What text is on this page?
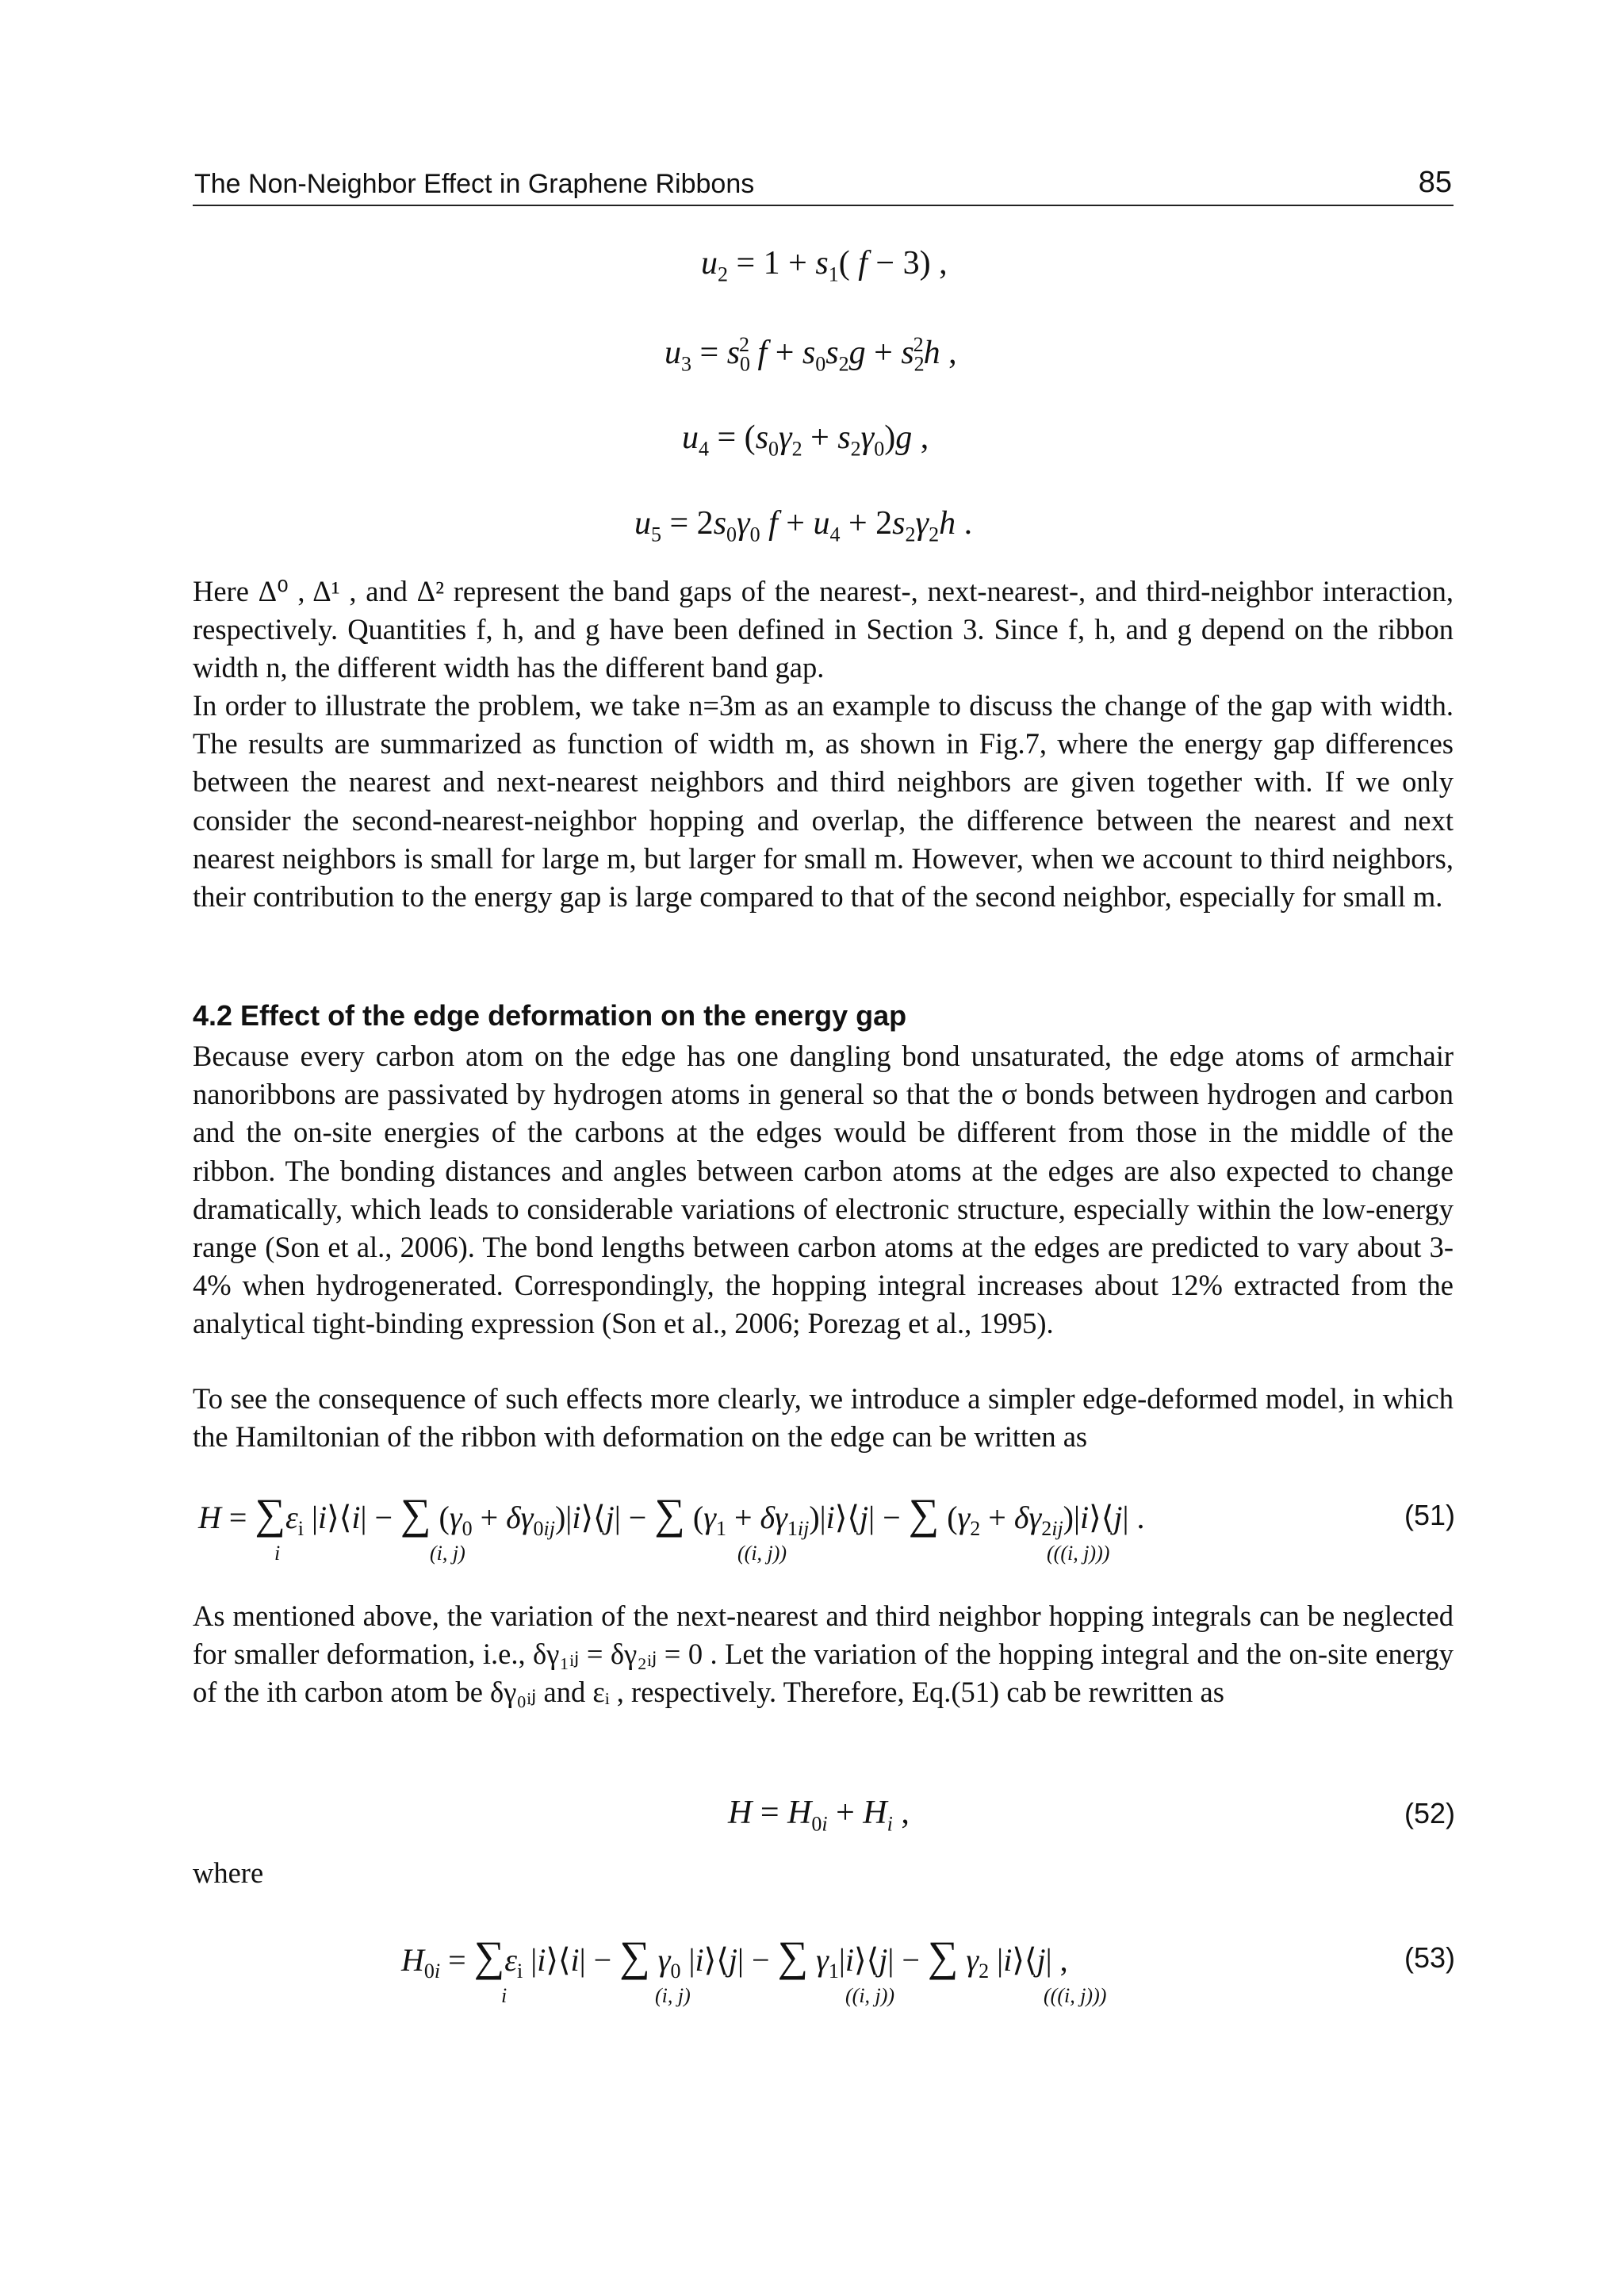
The Non-Neighbor Effect in Graphene Ribbons	85
$u_2 = 1 + s_1$( f − 3) ,
$u_3 = s_0^2$ $f + s_0s_2g + s_2^2h$ ,
$u_4 = (s_0\gamma_2 + s_2\gamma_0)g$ ,
$u_5 = 2s_0\gamma_0$ $f + u_4 + 2s_2\gamma_2h$ .

Here Δ⁰ , Δ¹ , and Δ² represent the band gaps of the nearest-, next-nearest-, and third-neighbor interaction, respectively. Quantities f, h, and g have been defined in Section 3. Since f, h, and g depend on the ribbon width n, the different width has the different band gap.

In order to illustrate the problem, we take n=3m as an example to discuss the change of the gap with width. The results are summarized as function of width m, as shown in Fig.7, where the energy gap differences between the nearest and next-nearest neighbors and third neighbors are given together with. If we only consider the second-nearest-neighbor hopping and overlap, the difference between the nearest and next nearest neighbors is small for large m, but larger for small m. However, when we account to third neighbors, their contribution to the energy gap is large compared to that of the second neighbor, especially for small m.

4.2 Effect of the edge deformation on the energy gap

Because every carbon atom on the edge has one dangling bond unsaturated, the edge atoms of armchair nanoribbons are passivated by hydrogen atoms in general so that the σ bonds between hydrogen and carbon and the on-site energies of the carbons at the edges would be different from those in the middle of the ribbon. The bonding distances and angles between carbon atoms at the edges are also expected to change dramatically, which leads to considerable variations of electronic structure, especially within the low-energy range (Son et al., 2006). The bond lengths between carbon atoms at the edges are predicted to vary about 3-4% when hydrogenerated. Correspondingly, the hopping integral increases about 12% extracted from the analytical tight-binding expression (Son et al., 2006; Porezag et al., 1995).

To see the consequence of such effects more clearly, we introduce a simpler edge-deformed model, in which the Hamiltonian of the ribbon with deformation on the edge can be written as

$H = \sum\varepsilon_i$ |i⟩⟨i| − ∑ ($\gamma_0$ + $\delta\gamma_{0ij})|i⟩⟨j|$ − ∑ ($\gamma_1$ + $\delta\gamma_{1ij})|i⟩⟨j|$ − ∑ ($\gamma_2$ + $\delta\gamma_{2ij})|i⟩⟨j|$ .
i	(i, j)	((i, j))	(((i, j)))
(51)

As mentioned above, the variation of the next-nearest and third neighbor hopping integrals can be neglected for smaller deformation, i.e., δγ₁ᵢⱼ = δγ₂ᵢⱼ = 0 . Let the variation of the hopping integral and the on-site energy of the ith carbon atom be δγ₀ᵢⱼ and εᵢ , respectively. Therefore, Eq.(51) cab be rewritten as

$H = H_{0i} + H_i$ ,	(52)

where

$H_{0i} = \sum\varepsilon_i$ |i⟩⟨i| − ∑ $\gamma_0$ |i⟩⟨j| − ∑ $\gamma_1|i⟩⟨j|$ − ∑ $\gamma_2$ |i⟩⟨j| ,
i	(i, j)	((i, j))	(((i, j)))
(53)
